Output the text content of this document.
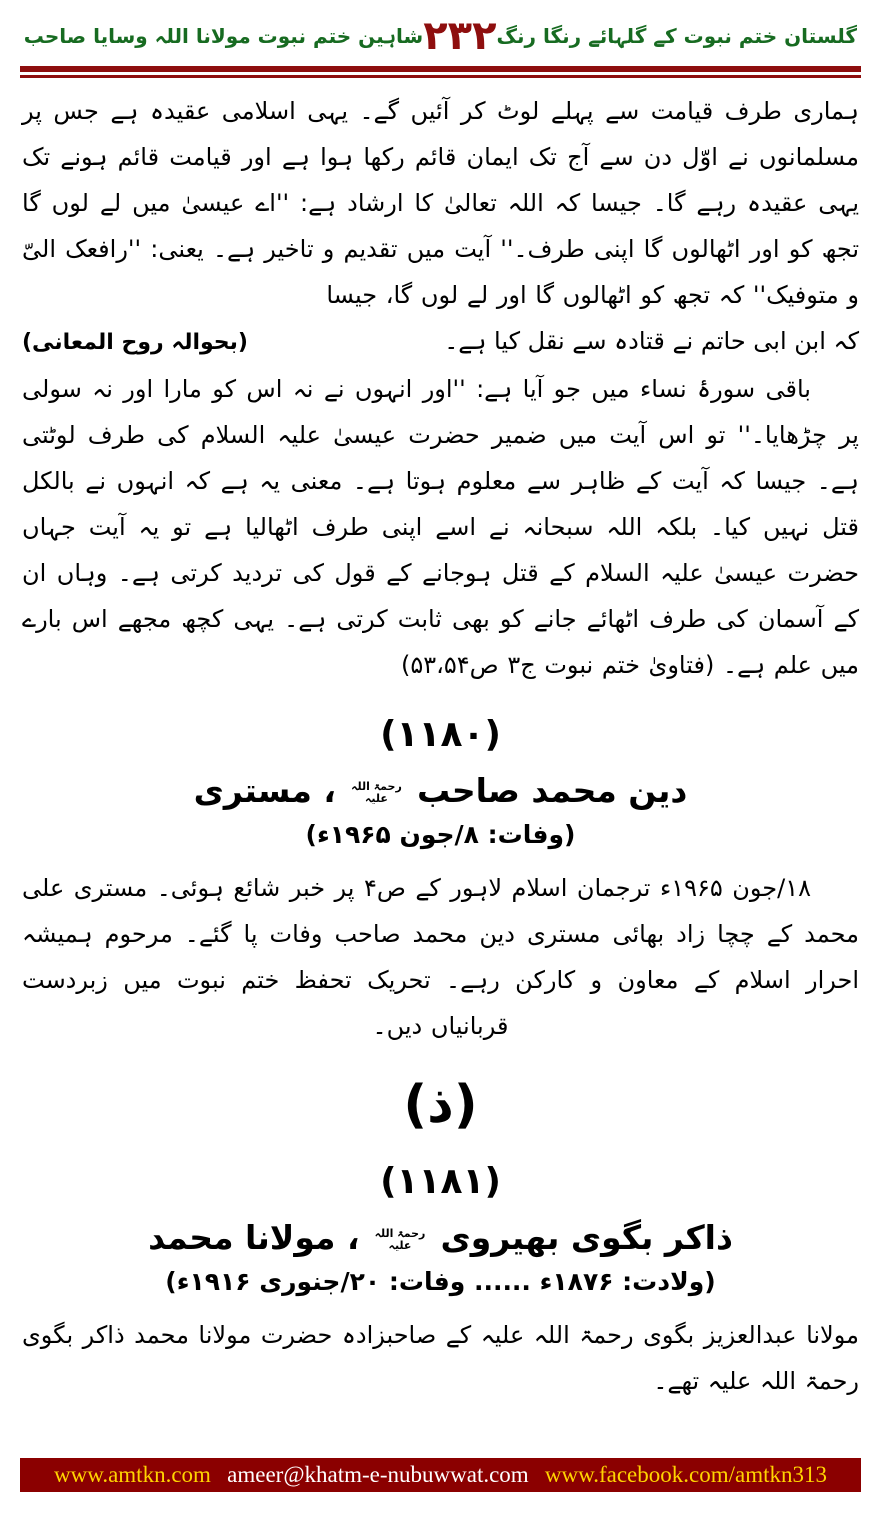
گلستان ختم نبوت کے گلہائے رنگا رنگ
۲۳۲
شاہین ختم نبوت مولانا اللہ وسایا صاحب

ہماری طرف قیامت سے پہلے لوٹ کر آئیں گے۔ یہی اسلامی عقیدہ ہے جس پر مسلمانوں نے اوّل دن سے آج تک ایمان قائم رکھا ہوا ہے اور قیامت قائم ہونے تک یہی عقیدہ رہے گا۔ جیسا کہ اللہ تعالیٰ کا ارشاد ہے: ''اے عیسیٰ میں لے لوں گا تجھ کو اور اٹھالوں گا اپنی طرف۔'' آیت میں تقدیم و تاخیر ہے۔ یعنی: ''رافعک الیّ و متوفیک'' کہ تجھ کو اٹھالوں گا اور لے لوں گا، جیسا

کہ ابن ابی حاتم نے قتادہ سے نقل کیا ہے۔
(بحوالہ روح المعانی)

باقی سورۂ نساء میں جو آیا ہے: ''اور انہوں نے نہ اس کو مارا اور نہ سولی پر چڑھایا۔'' تو اس آیت میں ضمیر حضرت عیسیٰ علیہ السلام کی طرف لوٹتی ہے۔ جیسا کہ آیت کے ظاہر سے معلوم ہوتا ہے۔ معنی یہ ہے کہ انہوں نے بالکل قتل نہیں کیا۔ بلکہ اللہ سبحانہ نے اسے اپنی طرف اٹھالیا ہے تو یہ آیت جہاں حضرت عیسیٰ علیہ السلام کے قتل ہوجانے کے قول کی تردید کرتی ہے۔ وہاں ان کے آسمان کی طرف اٹھائے جانے کو بھی ثابت کرتی ہے۔ یہی کچھ مجھے اس بارے میں علم ہے۔ (فتاویٰ ختم نبوت ج۳ ص۵۳،۵۴)

(۱۱۸۰)
دین محمد صاحب رحمۃ اللہ علیہ ، مستری
(وفات: ۸/جون ۱۹۶۵ء)

۱۸/جون ۱۹۶۵ء ترجمان اسلام لاہور کے ص۴ پر خبر شائع ہوئی۔ مستری علی محمد کے چچا زاد بھائی مستری دین محمد صاحب وفات پا گئے۔ مرحوم ہمیشہ احرار اسلام کے معاون و کارکن رہے۔ تحریک تحفظ ختم نبوت میں زبردست قربانیاں دیں۔

(ذ)
(۱۱۸۱)
ذاکر بگوی بھیروی رحمۃ اللہ علیہ ، مولانا محمد
(ولادت: ۱۸۷۶ء ...... وفات: ۲۰/جنوری ۱۹۱۶ء)

مولانا عبدالعزیز بگوی رحمۃ اللہ علیہ کے صاحبزادہ حضرت مولانا محمد ذاکر بگوی رحمۃ اللہ علیہ تھے۔

www.amtkn.com ameer@khatm-e-nubuwwat.com www.facebook.com/amtkn313
